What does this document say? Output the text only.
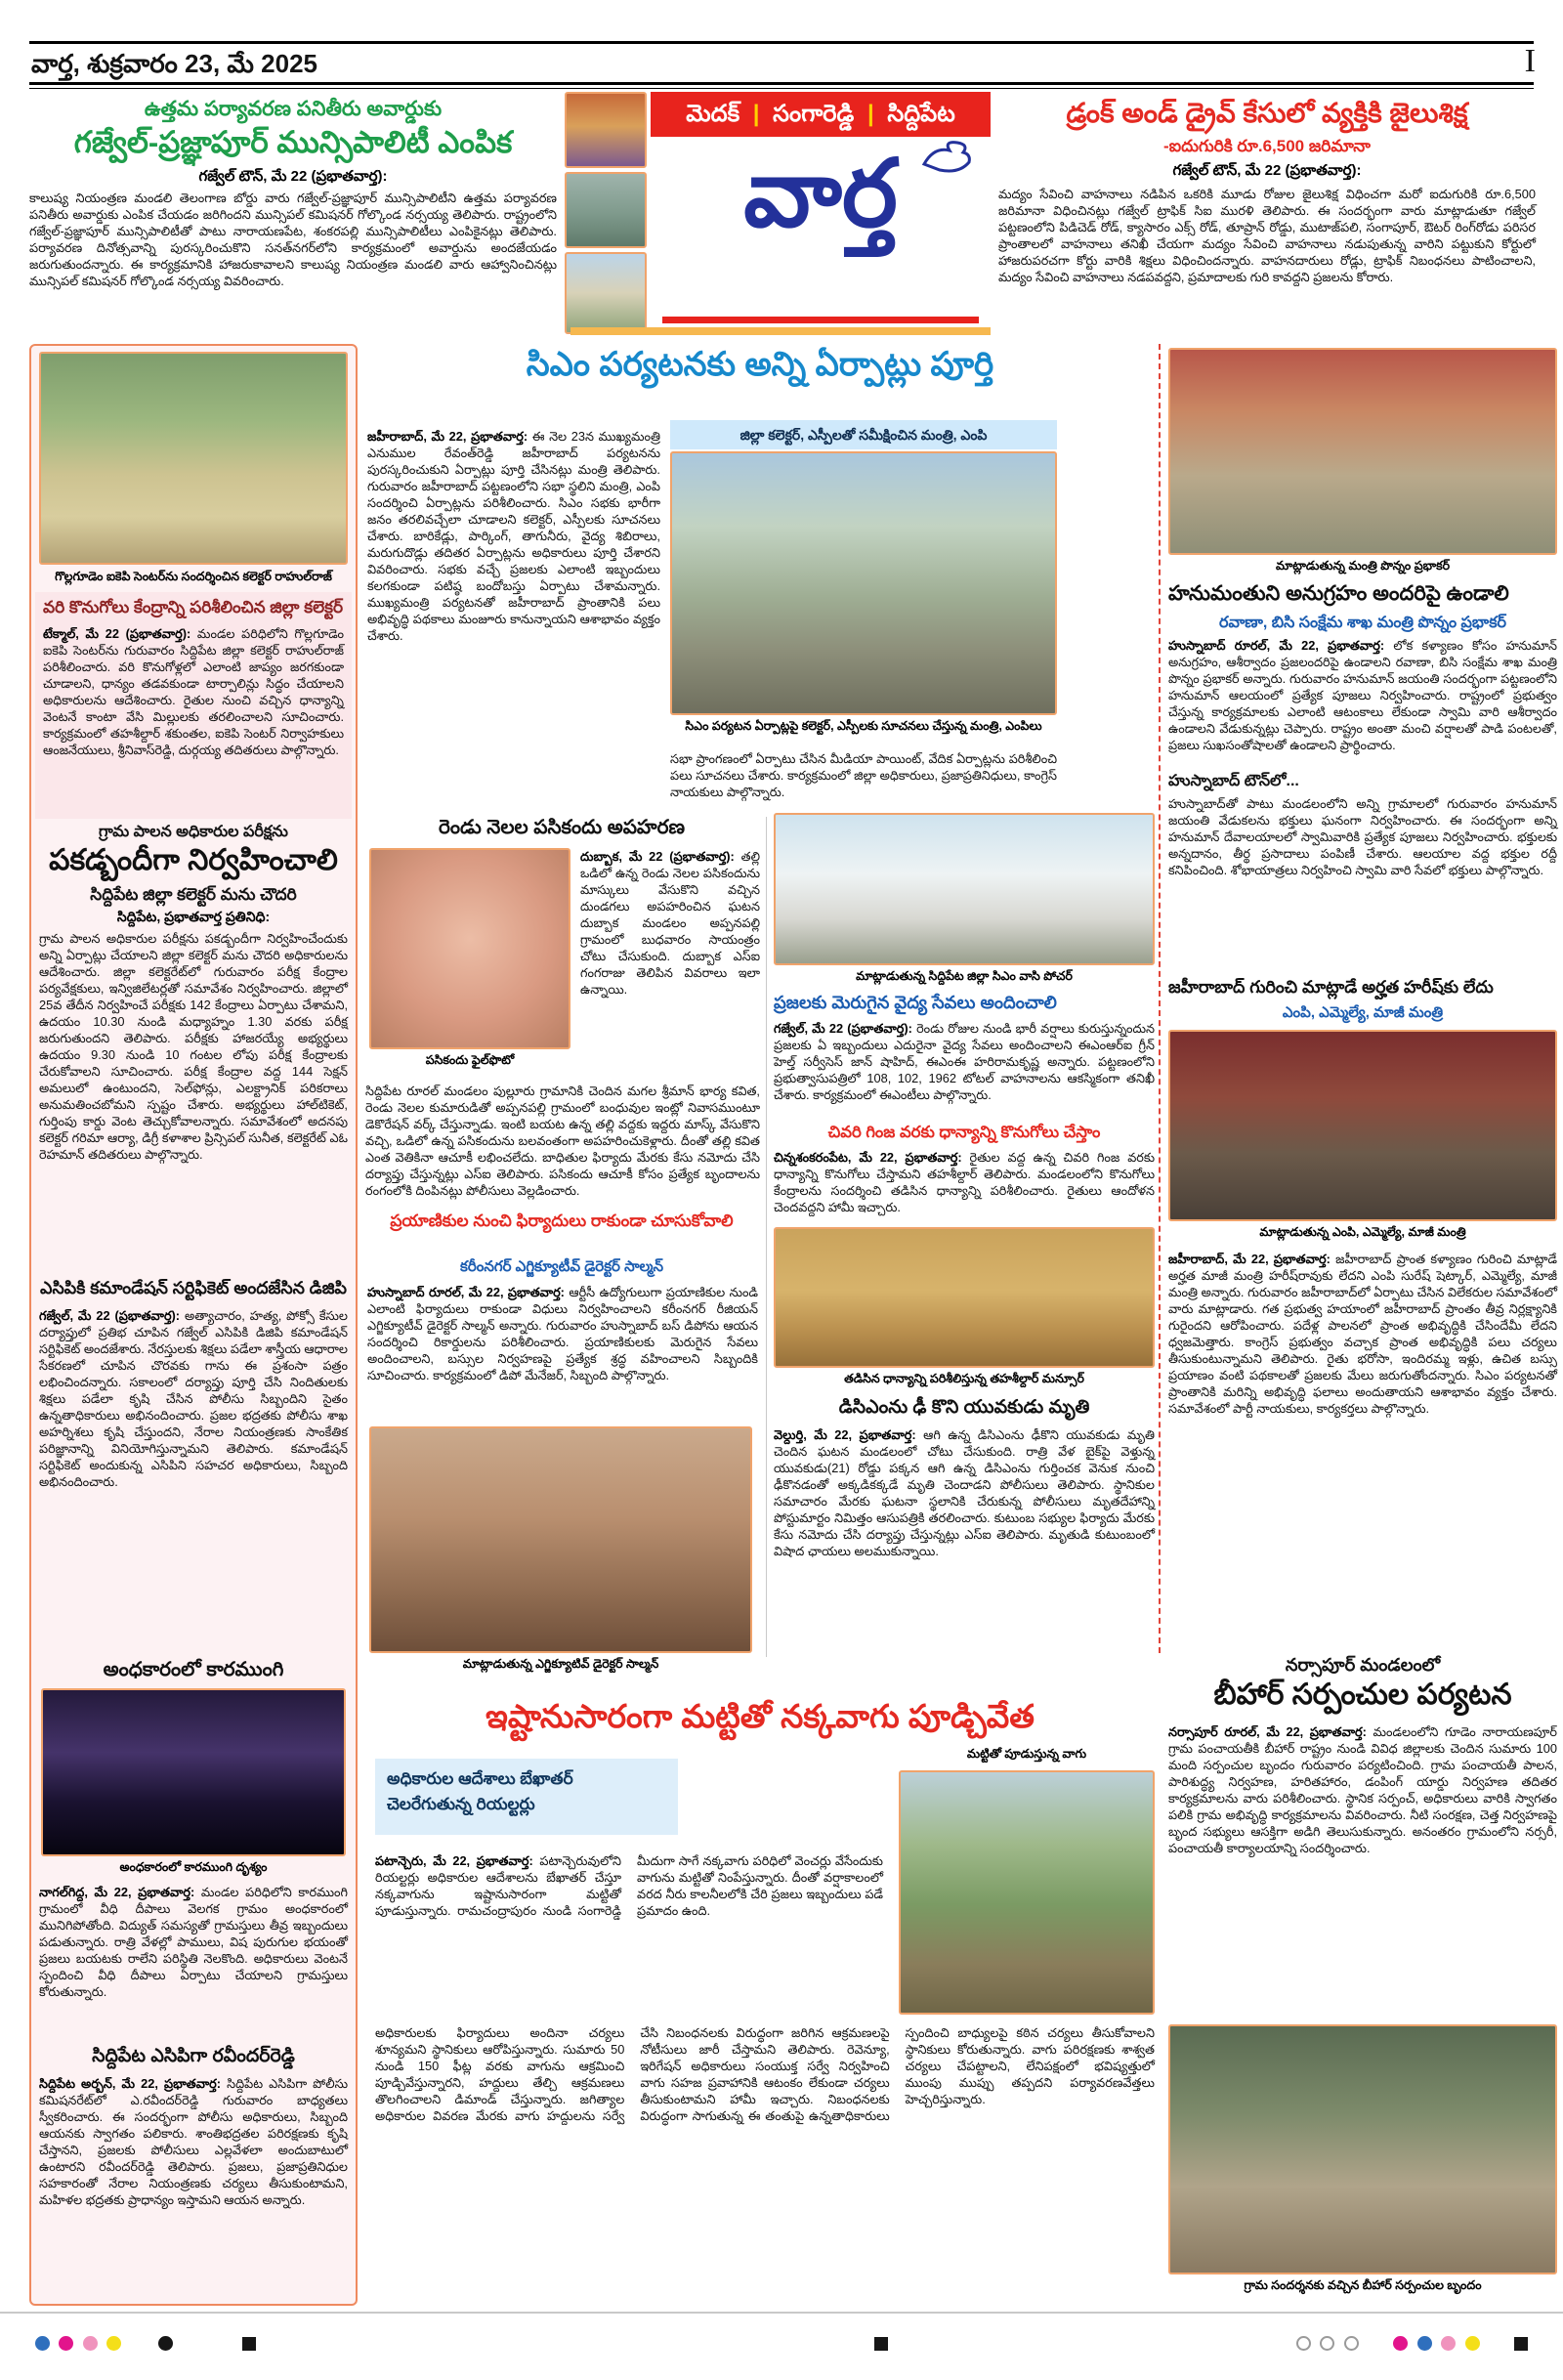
వార్త, శుక్రవారం 23, మే 2025	I
ఉత్తమ పర్యావరణ పనితీరు అవార్డుకు
గజ్వేల్-ప్రజ్ఞాపూర్ మున్సిపాలిటీ ఎంపిక
గజ్వేల్ టౌన్, మే 22 (ప్రభాతవార్త):
కాలుష్య నియంత్రణ మండలి తెలంగాణ బోర్డు వారు గజ్వేల్-ప్రజ్ఞాపూర్ మున్సిపాలిటీని ఉత్తమ పర్యావరణ పనితీరు అవార్డుకు ఎంపిక చేయడం జరిగిందని మున్సిపల్ కమిషనర్ గోల్కొండ నర్సయ్య తెలిపారు. రాష్ట్రంలోని గజ్వేల్-ప్రజ్ఞాపూర్ మున్సిపాలిటీతో పాటు నారాయణపేట, శంకరపల్లి మున్సిపాలిటీలు ఎంపికైనట్లు తెలిపారు. పర్యావరణ దినోత్సవాన్ని పురస్కరించుకొని సనత్‌నగర్‌లోని కార్యక్రమంలో అవార్డును అందజేయడం జరుగుతుందన్నారు. ఈ కార్యక్రమానికి హాజరుకావాలని కాలుష్య నియంత్రణ మండలి వారు ఆహ్వానించినట్లు మున్సిపల్ కమిషనర్ గోల్కొండ నర్సయ్య వివరించారు.
మెదక్ | సంగారెడ్డి | సిద్దిపేట
వార్త
డ్రంక్ అండ్ డ్రైవ్ కేసులో వ్యక్తికి జైలుశిక్ష
-ఐదుగురికి రూ.6,500 జరిమానా
గజ్వేల్ టౌన్, మే 22 (ప్రభాతవార్త):
మద్యం సేవించి వాహనాలు నడిపిన ఒకరికి మూడు రోజుల జైలుశిక్ష విధించగా మరో ఐదుగురికి రూ.6,500 జరిమానా విధించినట్లు గజ్వేల్ ట్రాఫిక్ సిఐ మురళి తెలిపారు. ఈ సందర్భంగా వారు మాట్లాడుతూ గజ్వేల్ పట్టణంలోని పిడిచెడ్ రోడ్, క్యాసారం ఎక్స్ రోడ్, తూప్రాన్ రోడ్డు, ముటాజ్‌పలి, సంగాపూర్, ఔటర్ రింగ్‌రోడు పరిసర ప్రాంతాలలో వాహనాలు తనిఖీ చేయగా మద్యం సేవించి వాహనాలు నడుపుతున్న వారిని పట్టుకుని కోర్టులో హాజరుపరచగా కోర్టు వారికి శిక్షలు విధించిందన్నారు. వాహనదారులు రోడ్లు, ట్రాఫిక్ నిబంధనలు పాటించాలని, మద్యం సేవించి వాహనాలు నడపవద్దని, ప్రమాదాలకు గురి కావద్దని ప్రజలను కోరారు.
గొల్లగూడెం ఐకెపి సెంటర్‌ను సందర్శించిన కలెక్టర్ రాహుల్‌రాజ్
వరి కొనుగోలు కేంద్రాన్ని పరిశీలించిన జిల్లా కలెక్టర్
టేక్మాల్, మే 22 (ప్రభాతవార్త): మండల పరిధిలోని గొల్లగూడెం ఐకెపి సెంటర్‌ను గురువారం సిద్దిపేట జిల్లా కలెక్టర్ రాహుల్‌రాజ్ పరిశీలించారు. వరి కొనుగోళ్లలో ఎలాంటి జాప్యం జరగకుండా చూడాలని, ధాన్యం తడవకుండా టార్పాలిన్లు సిద్ధం చేయాలని అధికారులను ఆదేశించారు. రైతుల నుంచి వచ్చిన ధాన్యాన్ని వెంటనే కాంటా వేసి మిల్లులకు తరలించాలని సూచించారు. కార్యక్రమంలో తహశీల్దార్ శకుంతల, ఐకెపి సెంటర్ నిర్వాహకులు ఆంజనేయులు, శ్రీనివాస్‌రెడ్డి, దుర్గయ్య తదితరులు పాల్గొన్నారు.
గ్రామ పాలన అధికారుల పరీక్షను
పకడ్బందీగా నిర్వహించాలి
సిద్దిపేట జిల్లా కలెక్టర్ మను చౌదరి
సిద్దిపేట, ప్రభాతవార్త ప్రతినిధి:
గ్రామ పాలన అధికారుల పరీక్షను పకడ్బందీగా నిర్వహించేందుకు అన్ని ఏర్పాట్లు చేయాలని జిల్లా కలెక్టర్ మను చౌదరి అధికారులను ఆదేశించారు. జిల్లా కలెక్టరేట్‌లో గురువారం పరీక్ష కేంద్రాల పర్యవేక్షకులు, ఇన్విజిలేటర్లతో సమావేశం నిర్వహించారు. జిల్లాలో 25వ తేదీన నిర్వహించే పరీక్షకు 142 కేంద్రాలు ఏర్పాటు చేశామని, ఉదయం 10.30 నుండి మధ్యాహ్నం 1.30 వరకు పరీక్ష జరుగుతుందని తెలిపారు. పరీక్షకు హాజరయ్యే అభ్యర్థులు ఉదయం 9.30 నుండి 10 గంటల లోపు పరీక్ష కేంద్రాలకు చేరుకోవాలని సూచించారు. పరీక్ష కేంద్రాల వద్ద 144 సెక్షన్ అమలులో ఉంటుందని, సెల్‌ఫోన్లు, ఎలక్ట్రానిక్ పరికరాలు అనుమతించబోమని స్పష్టం చేశారు. అభ్యర్థులు హాల్‌టికెట్, గుర్తింపు కార్డు వెంట తెచ్చుకోవాలన్నారు. సమావేశంలో అదనపు కలెక్టర్ గరిమా ఆర్యా, డిగ్రీ కళాశాల ప్రిన్సిపల్ సునీత, కలెక్టరేట్ ఎఓ రెహమాన్ తదితరులు పాల్గొన్నారు.
ఎసిపికి కమాండేషన్ సర్టిఫికెట్ అందజేసిన డిజిపి
గజ్వేల్, మే 22 (ప్రభాతవార్త): అత్యాచారం, హత్య, పోక్సో కేసుల దర్యాప్తులో ప్రతిభ చూపిన గజ్వేల్ ఎసిపికి డిజిపి కమాండేషన్ సర్టిఫికెట్ అందజేశారు. నేరస్తులకు శిక్షలు పడేలా శాస్త్రీయ ఆధారాల సేకరణలో చూపిన చొరవకు గాను ఈ ప్రశంసా పత్రం లభించిందన్నారు. సకాలంలో దర్యాప్తు పూర్తి చేసి నిందితులకు శిక్షలు పడేలా కృషి చేసిన పోలీసు సిబ్బందిని సైతం ఉన్నతాధికారులు అభినందించారు. ప్రజల భద్రతకు పోలీసు శాఖ అహర్నిశలు కృషి చేస్తుందని, నేరాల నియంత్రణకు సాంకేతిక పరిజ్ఞానాన్ని వినియోగిస్తున్నామని తెలిపారు. కమాండేషన్ సర్టిఫికెట్ అందుకున్న ఎసిపిని సహచర అధికారులు, సిబ్బంది అభినందించారు.
అంధకారంలో కారముంగి
అంధకారంలో కారముంగి దృశ్యం
నాగల్‌గిద్ద, మే 22, ప్రభాతవార్త: మండల పరిధిలోని కారముంగి గ్రామంలో వీధి దీపాలు వెలగక గ్రామం అంధకారంలో మునిగిపోతోంది. విద్యుత్ సమస్యతో గ్రామస్తులు తీవ్ర ఇబ్బందులు పడుతున్నారు. రాత్రి వేళల్లో పాములు, విష పురుగుల భయంతో ప్రజలు బయటకు రాలేని పరిస్థితి నెలకొంది. అధికారులు వెంటనే స్పందించి వీధి దీపాలు ఏర్పాటు చేయాలని గ్రామస్తులు కోరుతున్నారు.
సిద్దిపేట ఎసిపిగా రవీందర్‌రెడ్డి
సిద్దిపేట అర్బన్, మే 22, ప్రభాతవార్త: సిద్దిపేట ఎసిపిగా పోలీసు కమిషనరేట్‌లో ఎ.రవీందర్‌రెడ్డి గురువారం బాధ్యతలు స్వీకరించారు. ఈ సందర్భంగా పోలీసు అధికారులు, సిబ్బంది ఆయనకు స్వాగతం పలికారు. శాంతిభద్రతల పరిరక్షణకు కృషి చేస్తానని, ప్రజలకు పోలీసులు ఎల్లవేళలా అందుబాటులో ఉంటారని రవీందర్‌రెడ్డి తెలిపారు. ప్రజలు, ప్రజాప్రతినిధుల సహకారంతో నేరాల నియంత్రణకు చర్యలు తీసుకుంటామని, మహిళల భద్రతకు ప్రాధాన్యం ఇస్తామని ఆయన అన్నారు.
సిఎం పర్యటనకు అన్ని ఏర్పాట్లు పూర్తి
జహీరాబాద్, మే 22, ప్రభాతవార్త: ఈ నెల 23న ముఖ్యమంత్రి ఎనుముల రేవంత్‌రెడ్డి జహీరాబాద్ పర్యటనను పురస్కరించుకుని ఏర్పాట్లు పూర్తి చేసినట్లు మంత్రి తెలిపారు. గురువారం జహీరాబాద్ పట్టణంలోని సభా స్థలిని మంత్రి, ఎంపి సందర్శించి ఏర్పాట్లను పరిశీలించారు. సిఎం సభకు భారీగా జనం తరలివచ్చేలా చూడాలని కలెక్టర్, ఎస్పీలకు సూచనలు చేశారు. బారికేడ్లు, పార్కింగ్, తాగునీరు, వైద్య శిబిరాలు, మరుగుదొడ్లు తదితర ఏర్పాట్లను అధికారులు పూర్తి చేశారని వివరించారు. సభకు వచ్చే ప్రజలకు ఎలాంటి ఇబ్బందులు కలగకుండా పటిష్ఠ బందోబస్తు ఏర్పాటు చేశామన్నారు. ముఖ్యమంత్రి పర్యటనతో జహీరాబాద్ ప్రాంతానికి పలు అభివృద్ధి పథకాలు మంజూరు కానున్నాయని ఆశాభావం వ్యక్తం చేశారు.
జిల్లా కలెక్టర్, ఎస్పీలతో సమీక్షించిన మంత్రి, ఎంపి
సిఎం పర్యటన ఏర్పాట్లపై కలెక్టర్, ఎస్పీలకు సూచనలు చేస్తున్న మంత్రి, ఎంపిలు
సభా ప్రాంగణంలో ఏర్పాటు చేసిన మీడియా పాయింట్, వేదిక ఏర్పాట్లను పరిశీలించి పలు సూచనలు చేశారు. కార్యక్రమంలో జిల్లా అధికారులు, ప్రజాప్రతినిధులు, కాంగ్రెస్ నాయకులు పాల్గొన్నారు.
మాట్లాడుతున్న మంత్రి పొన్నం ప్రభాకర్
హనుమంతుని అనుగ్రహం అందరిపై ఉండాలి
రవాణా, బిసి సంక్షేమ శాఖ మంత్రి పొన్నం ప్రభాకర్
హుస్నాబాద్ రూరల్, మే 22, ప్రభాతవార్త: లోక కళ్యాణం కోసం హనుమాన్ అనుగ్రహం, ఆశీర్వాదం ప్రజలందరిపై ఉండాలని రవాణా, బిసి సంక్షేమ శాఖ మంత్రి పొన్నం ప్రభాకర్ అన్నారు. గురువారం హనుమాన్ జయంతి సందర్భంగా పట్టణంలోని హనుమాన్ ఆలయంలో ప్రత్యేక పూజలు నిర్వహించారు. రాష్ట్రంలో ప్రభుత్వం చేస్తున్న కార్యక్రమాలకు ఎలాంటి ఆటంకాలు లేకుండా స్వామి వారి ఆశీర్వాదం ఉండాలని వేడుకున్నట్లు చెప్పారు. రాష్ట్రం అంతా మంచి వర్షాలతో పాడి పంటలతో, ప్రజలు సుఖసంతోషాలతో ఉండాలని ప్రార్థించారు.
హుస్నాబాద్ టౌన్‌లో...
హుస్నాబాద్‌తో పాటు మండలంలోని అన్ని గ్రామాలలో గురువారం హనుమాన్ జయంతి వేడుకలను భక్తులు ఘనంగా నిర్వహించారు. ఈ సందర్భంగా అన్ని హనుమాన్ దేవాలయాలలో స్వామివారికి ప్రత్యేక పూజలు నిర్వహించారు. భక్తులకు అన్నదానం, తీర్థ ప్రసాదాలు పంపిణీ చేశారు. ఆలయాల వద్ద భక్తుల రద్దీ కనిపించింది. శోభాయాత్రలు నిర్వహించి స్వామి వారి సేవలో భక్తులు పాల్గొన్నారు.
జహీరాబాద్ గురించి మాట్లాడే అర్హత హరీష్‌కు లేదు
ఎంపి, ఎమ్మెల్యే, మాజీ మంత్రి
మాట్లాడుతున్న ఎంపి, ఎమ్మెల్యే, మాజీ మంత్రి
జహీరాబాద్, మే 22, ప్రభాతవార్త: జహీరాబాద్ ప్రాంత కళ్యాణం గురించి మాట్లాడే అర్హత మాజీ మంత్రి హరీష్‌రావుకు లేదని ఎంపి సురేష్ షెట్కార్, ఎమ్మెల్యే, మాజీ మంత్రి అన్నారు. గురువారం జహీరాబాద్‌లో ఏర్పాటు చేసిన విలేకరుల సమావేశంలో వారు మాట్లాడారు. గత ప్రభుత్వ హయాంలో జహీరాబాద్ ప్రాంతం తీవ్ర నిర్లక్ష్యానికి గురైందని ఆరోపించారు. పదేళ్ల పాలనలో ప్రాంత అభివృద్ధికి చేసిందేమీ లేదని ధ్వజమెత్తారు. కాంగ్రెస్ ప్రభుత్వం వచ్చాక ప్రాంత అభివృద్ధికి పలు చర్యలు తీసుకుంటున్నామని తెలిపారు. రైతు భరోసా, ఇందిరమ్మ ఇళ్లు, ఉచిత బస్సు ప్రయాణం వంటి పథకాలతో ప్రజలకు మేలు జరుగుతోందన్నారు. సిఎం పర్యటనతో ప్రాంతానికి మరిన్ని అభివృద్ధి ఫలాలు అందుతాయని ఆశాభావం వ్యక్తం చేశారు. సమావేశంలో పార్టీ నాయకులు, కార్యకర్తలు పాల్గొన్నారు.
నర్సాపూర్ మండలంలో
బీహార్ సర్పంచుల పర్యటన
నర్సాపూర్ రూరల్, మే 22, ప్రభాతవార్త: మండలంలోని గూడెం నారాయణపూర్ గ్రామ పంచాయతీకి బీహార్ రాష్ట్రం నుండి వివిధ జిల్లాలకు చెందిన సుమారు 100 మంది సర్పంచుల బృందం గురువారం పర్యటించింది. గ్రామ పంచాయతీ పాలన, పారిశుద్ధ్య నిర్వహణ, హరితహారం, డంపింగ్ యార్డు నిర్వహణ తదితర కార్యక్రమాలను వారు పరిశీలించారు. స్థానిక సర్పంచ్, అధికారులు వారికి స్వాగతం పలికి గ్రామ అభివృద్ధి కార్యక్రమాలను వివరించారు. నీటి సంరక్షణ, చెత్త నిర్వహణపై బృంద సభ్యులు ఆసక్తిగా అడిగి తెలుసుకున్నారు. అనంతరం గ్రామంలోని నర్సరీ, పంచాయతీ కార్యాలయాన్ని సందర్శించారు.
గ్రామ సందర్శనకు వచ్చిన బీహార్ సర్పంచుల బృందం
రెండు నెలల పసికందు అపహరణ
పసికందు ఫైల్‌ఫొటో
దుబ్బాక, మే 22 (ప్రభాతవార్త): తల్లి ఒడిలో ఉన్న రెండు నెలల పసికందును మాస్కులు వేసుకొని వచ్చిన దుండగలు అపహరించిన ఘటన దుబ్బాక మండలం అప్పనపల్లి గ్రామంలో బుధవారం సాయంత్రం చోటు చేసుకుంది. దుబ్బాక ఎస్ఐ గంగరాజు తెలిపిన వివరాలు ఇలా ఉన్నాయి.
సిద్దిపేట రూరల్ మండలం పుల్లూరు గ్రామానికి చెందిన మగల శ్రీమాన్ భార్య కవిత, రెండు నెలల కుమారుడితో అప్పనపల్లి గ్రామంలో బంధువుల ఇంట్లో నివాసముంటూ డెకొరేషన్ వర్క్ చేస్తున్నాడు. ఇంటి బయట ఉన్న తల్లి వద్దకు ఇద్దరు మాస్క్ వేసుకొని వచ్చి, ఒడిలో ఉన్న పసికందును బలవంతంగా అపహరించుకెళ్లారు. దీంతో తల్లి కవిత ఎంత వెతికినా ఆచూకీ లభించలేదు. బాధితుల ఫిర్యాదు మేరకు కేసు నమోదు చేసి దర్యాప్తు చేస్తున్నట్లు ఎస్ఐ తెలిపారు. పసికందు ఆచూకీ కోసం ప్రత్యేక బృందాలను రంగంలోకి దింపినట్లు పోలీసులు వెల్లడించారు.
ప్రయాణికుల నుంచి ఫిర్యాదులు రాకుండా చూసుకోవాలి
కరీంనగర్ ఎగ్జిక్యూటీవ్ డైరెక్టర్ సాల్మన్
హుస్నాబాద్ రూరల్, మే 22, ప్రభాతవార్త: ఆర్టీసీ ఉద్యోగులుగా ప్రయాణికుల నుండి ఎలాంటి ఫిర్యాదులు రాకుండా విధులు నిర్వహించాలని కరీంనగర్ రీజియన్ ఎగ్జిక్యూటీవ్ డైరెక్టర్ సాల్మన్ అన్నారు. గురువారం హుస్నాబాద్ బస్ డిపోను ఆయన సందర్శించి రికార్డులను పరిశీలించారు. ప్రయాణికులకు మెరుగైన సేవలు అందించాలని, బస్సుల నిర్వహణపై ప్రత్యేక శ్రద్ధ వహించాలని సిబ్బందికి సూచించారు. కార్యక్రమంలో డిపో మేనేజర్, సిబ్బంది పాల్గొన్నారు.
మాట్లాడుతున్న ఎగ్జిక్యూటివ్ డైరెక్టర్ సాల్మన్
మాట్లాడుతున్న సిద్దిపేట జిల్లా సిఎం వాసి పోచర్
ప్రజలకు మెరుగైన వైద్య సేవలు అందించాలి
గజ్వేల్, మే 22 (ప్రభాతవార్త): రెండు రోజుల నుండి భారీ వర్షాలు కురుస్తున్నందున ప్రజలకు ఏ ఇబ్బందులు ఎదురైనా వైద్య సేవలు అందించాలని ఈఎంఆర్ఐ గ్రీన్ హెల్త్ సర్వీసెస్ జాన్ షాహిద్, ఈఎంఈ హరిరామకృష్ణ అన్నారు. పట్టణంలోని ప్రభుత్వాసుపత్రిలో 108, 102, 1962 టోటల్ వాహనాలను ఆకస్మికంగా తనిఖీ చేశారు. కార్యక్రమంలో ఈఎంటీలు పాల్గొన్నారు.
చివరి గింజ వరకు ధాన్యాన్ని కొనుగోలు చేస్తాం
చిన్నశంకరంపేట, మే 22, ప్రభాతవార్త: రైతుల వద్ద ఉన్న చివరి గింజ వరకు ధాన్యాన్ని కొనుగోలు చేస్తామని తహశీల్దార్ తెలిపారు. మండలంలోని కొనుగోలు కేంద్రాలను సందర్శించి తడిసిన ధాన్యాన్ని పరిశీలించారు. రైతులు ఆందోళన చెందవద్దని హామీ ఇచ్చారు.
తడిసిన ధాన్యాన్ని పరిశీలిస్తున్న తహశీల్దార్ మన్సూర్
డిసిఎంను ఢీ కొని యువకుడు మృతి
వెల్దుర్తి, మే 22, ప్రభాతవార్త: ఆగి ఉన్న డిసిఎంను ఢీకొని యువకుడు మృతి చెందిన ఘటన మండలంలో చోటు చేసుకుంది. రాత్రి వేళ బైక్‌పై వెళ్తున్న యువకుడు(21) రోడ్డు పక్కన ఆగి ఉన్న డిసిఎంను గుర్తించక వెనుక నుంచి ఢీకొనడంతో అక్కడికక్కడే మృతి చెందాడని పోలీసులు తెలిపారు. స్థానికుల సమాచారం మేరకు ఘటనా స్థలానికి చేరుకున్న పోలీసులు మృతదేహాన్ని పోస్టుమార్టం నిమిత్తం ఆసుపత్రికి తరలించారు. కుటుంబ సభ్యుల ఫిర్యాదు మేరకు కేసు నమోదు చేసి దర్యాప్తు చేస్తున్నట్లు ఎస్ఐ తెలిపారు. మృతుడి కుటుంబంలో విషాద ఛాయలు అలముకున్నాయి.
ఇష్టానుసారంగా మట్టితో నక్కవాగు పూడ్చివేత
అధికారుల ఆదేశాలు బేఖాతర్
చెలరేగుతున్న రియల్టర్లు
మట్టితో పూడుస్తున్న వాగు
పటాన్చెరు, మే 22, ప్రభాతవార్త: పటాన్చెరువులోని రియల్టర్లు అధికారుల ఆదేశాలను బేఖాతర్ చేస్తూ నక్కవాగును ఇష్టానుసారంగా మట్టితో పూడుస్తున్నారు. రామచంద్రాపురం నుండి సంగారెడ్డి మీదుగా సాగే నక్కవాగు పరిధిలో వెంచర్లు వేసేందుకు వాగును మట్టితో నింపేస్తున్నారు. దీంతో వర్షాకాలంలో వరద నీరు కాలనీలలోకి చేరి ప్రజలు ఇబ్బందులు పడే ప్రమాదం ఉంది.
అధికారులకు ఫిర్యాదులు అందినా చర్యలు శూన్యమని స్థానికులు ఆరోపిస్తున్నారు. సుమారు 50 నుండి 150 ఫీట్ల వరకు వాగును ఆక్రమించి పూడ్చివేస్తున్నారని, హద్దులు తేల్చి ఆక్రమణలు తొలగించాలని డిమాండ్ చేస్తున్నారు. జగిత్యాల అధికారుల వివరణ మేరకు వాగు హద్దులను సర్వే చేసి నిబంధనలకు విరుద్ధంగా జరిగిన ఆక్రమణలపై నోటీసులు జారీ చేస్తామని తెలిపారు. రెవెన్యూ, ఇరిగేషన్ అధికారులు సంయుక్త సర్వే నిర్వహించి వాగు సహజ ప్రవాహానికి ఆటంకం లేకుండా చర్యలు తీసుకుంటామని హామీ ఇచ్చారు. నిబంధనలకు విరుద్ధంగా సాగుతున్న ఈ తంతుపై ఉన్నతాధికారులు స్పందించి బాధ్యులపై కఠిన చర్యలు తీసుకోవాలని స్థానికులు కోరుతున్నారు. వాగు పరిరక్షణకు శాశ్వత చర్యలు చేపట్టాలని, లేనిపక్షంలో భవిష్యత్తులో ముంపు ముప్పు తప్పదని పర్యావరణవేత్తలు హెచ్చరిస్తున్నారు.
